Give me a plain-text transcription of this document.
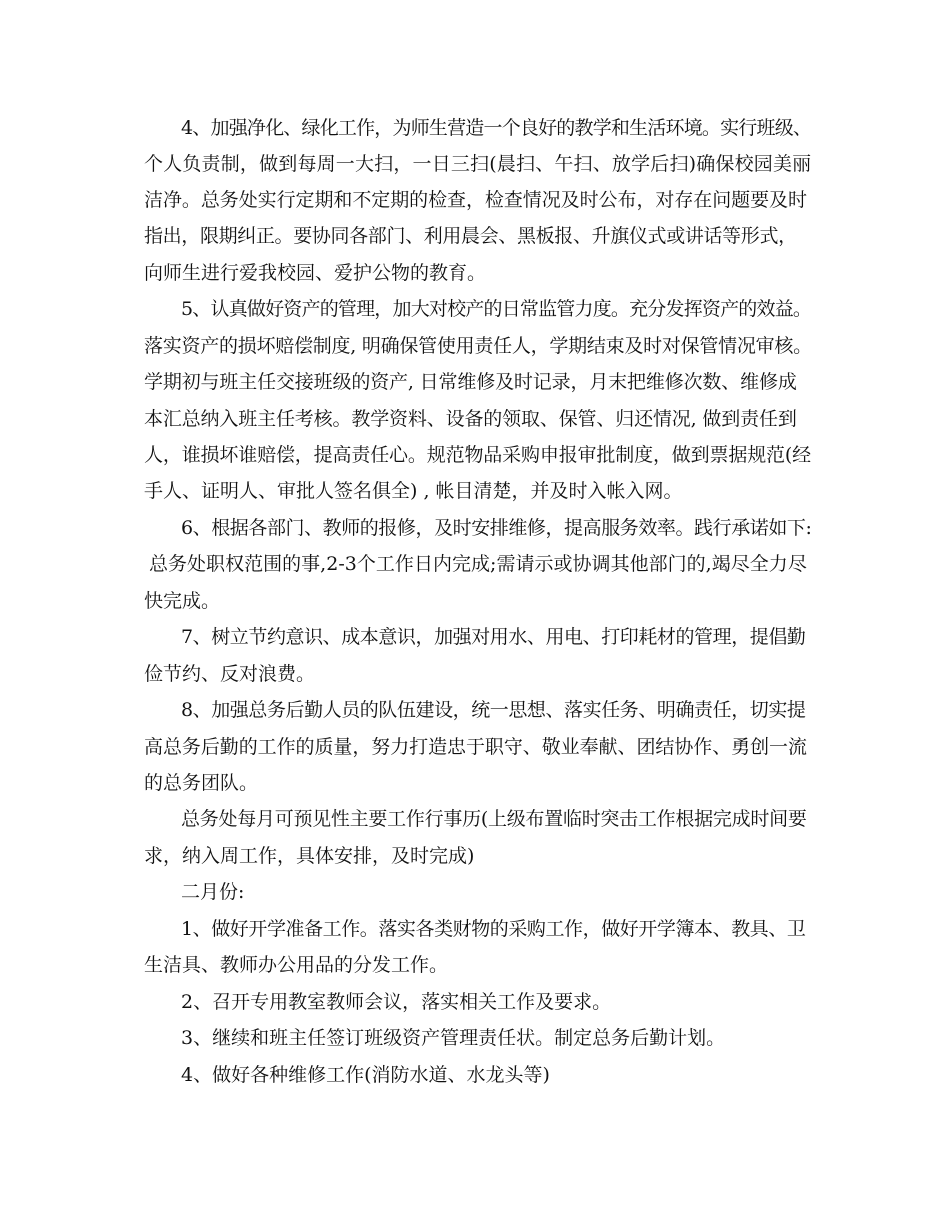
4、加强净化、绿化工作，为师生营造一个良好的教学和生活环境。实行班级、
个人负责制，做到每周一大扫，一日三扫(晨扫、午扫、放学后扫)确保校园美丽
洁净。总务处实行定期和不定期的检查，检查情况及时公布，对存在问题要及时
指出，限期纠正。要协同各部门、利用晨会、黑板报、升旗仪式或讲话等形式，
向师生进行爱我校园、爱护公物的教育。
5、认真做好资产的管理，加大对校产的日常监管力度。充分发挥资产的效益。
落实资产的损坏赔偿制度, 明确保管使用责任人，学期结束及时对保管情况审核。
学期初与班主任交接班级的资产, 日常维修及时记录，月末把维修次数、维修成
本汇总纳入班主任考核。教学资料、设备的领取、保管、归还情况, 做到责任到
人，谁损坏谁赔偿，提高责任心。规范物品采购申报审批制度，做到票据规范(经
手人、证明人、审批人签名俱全) , 帐目清楚，并及时入帐入网。
6、根据各部门、教师的报修，及时安排维修，提高服务效率。践行承诺如下:
总务处职权范围的事,2-3个工作日内完成;需请示或协调其他部门的,竭尽全力尽
快完成。
7、树立节约意识、成本意识，加强对用水、用电、打印耗材的管理，提倡勤
俭节约、反对浪费。
8、加强总务后勤人员的队伍建设，统一思想、落实任务、明确责任，切实提
高总务后勤的工作的质量，努力打造忠于职守、敬业奉献、团结协作、勇创一流
的总务团队。
总务处每月可预见性主要工作行事历(上级布置临时突击工作根据完成时间要
求，纳入周工作，具体安排，及时完成)
二月份:
1、做好开学准备工作。落实各类财物的采购工作，做好开学簿本、教具、卫
生洁具、教师办公用品的分发工作。
2、召开专用教室教师会议，落实相关工作及要求。
3、继续和班主任签订班级资产管理责任状。制定总务后勤计划。
4、做好各种维修工作(消防水道、水龙头等)
